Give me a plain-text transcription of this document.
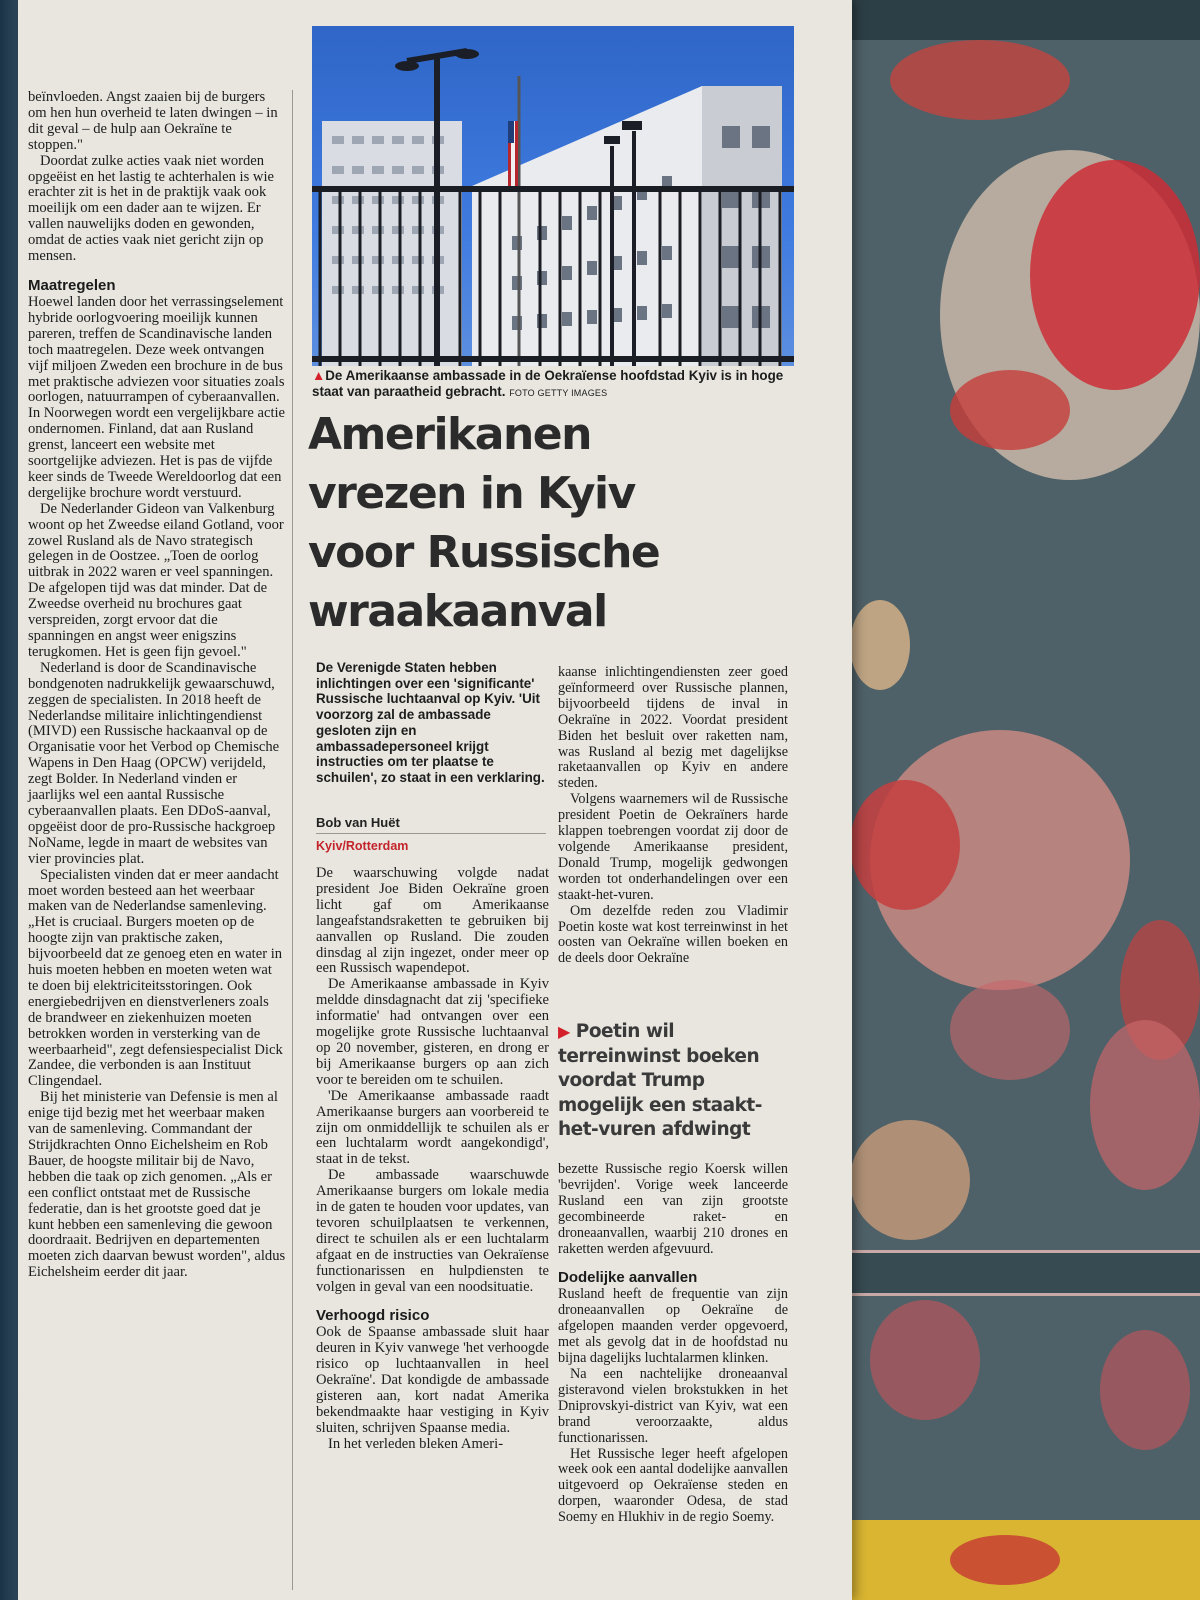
beïnvloeden. Angst zaaien bij de burgers om hen hun overheid te laten dwingen – in dit geval – de hulp aan Oekraïne te stoppen."

Doordat zulke acties vaak niet worden opgeëist en het lastig te achterhalen is wie erachter zit is het in de praktijk vaak ook moeilijk om een dader aan te wijzen. Er vallen nauwelijks doden en gewonden, omdat de acties vaak niet gericht zijn op mensen.

Maatregelen

Hoewel landen door het verrassingselement hybride oorlogvoering moeilijk kunnen pareren, treffen de Scandinavische landen toch maatregelen. Deze week ontvangen vijf miljoen Zweden een brochure in de bus met praktische adviezen voor situaties zoals oorlogen, natuurrampen of cyberaanvallen. In Noorwegen wordt een vergelijkbare actie ondernomen. Finland, dat aan Rusland grenst, lanceert een website met soortgelijke adviezen. Het is pas de vijfde keer sinds de Tweede Wereldoorlog dat een dergelijke brochure wordt verstuurd.

De Nederlander Gideon van Valkenburg woont op het Zweedse eiland Gotland, voor zowel Rusland als de Navo strategisch gelegen in de Oostzee. „Toen de oorlog uitbrak in 2022 waren er veel spanningen. De afgelopen tijd was dat minder. Dat de Zweedse overheid nu brochures gaat verspreiden, zorgt ervoor dat die spanningen en angst weer enigszins terugkomen. Het is geen fijn gevoel."

Nederland is door de Scandinavische bondgenoten nadrukkelijk gewaarschuwd, zeggen de specialisten. In 2018 heeft de Nederlandse militaire inlichtingendienst (MIVD) een Russische hackaanval op de Organisatie voor het Verbod op Chemische Wapens in Den Haag (OPCW) verijdeld, zegt Bolder. In Nederland vinden er jaarlijks wel een aantal Russische cyberaanvallen plaats. Een DDoS-aanval, opgeëist door de pro-Russische hackgroep NoName, legde in maart de websites van vier provincies plat.

Specialisten vinden dat er meer aandacht moet worden besteed aan het weerbaar maken van de Nederlandse samenleving. „Het is cruciaal. Burgers moeten op de hoogte zijn van praktische zaken, bijvoorbeeld dat ze genoeg eten en water in huis moeten hebben en moeten weten wat te doen bij elektriciteitsstoringen. Ook energiebedrijven en dienstverleners zoals de brandweer en ziekenhuizen moeten betrokken worden in versterking van de weerbaarheid", zegt defensiespecialist Dick Zandee, die verbonden is aan Instituut Clingendael.

Bij het ministerie van Defensie is men al enige tijd bezig met het weerbaar maken van de samenleving. Commandant der Strijdkrachten Onno Eichelsheim en Rob Bauer, de hoogste militair bij de Navo, hebben die taak op zich genomen. „Als er een conflict ontstaat met de Russische federatie, dan is het grootste goed dat je kunt hebben een samenleving die gewoon doordraait. Bedrijven en departementen moeten zich daarvan bewust worden", aldus Eichelsheim eerder dit jaar.

▲De Amerikaanse ambassade in de Oekraïense hoofdstad Kyiv is in hoge staat van paraatheid gebracht. FOTO GETTY IMAGES
Amerikanen
vrezen in Kyiv
voor Russische
wraakaanval

De Verenigde Staten hebben inlichtingen over een 'significante' Russische luchtaanval op Kyiv. 'Uit voorzorg zal de ambassade gesloten zijn en ambassadepersoneel krijgt instructies om ter plaatse te schuilen', zo staat in een verklaring.

Bob van Huët
Kyiv/Rotterdam

De waarschuwing volgde nadat president Joe Biden Oekraïne groen licht gaf om Amerikaanse langeafstandsraketten te gebruiken bij aanvallen op Rusland. Die zouden dinsdag al zijn ingezet, onder meer op een Russisch wapendepot.

De Amerikaanse ambassade in Kyiv meldde dinsdagnacht dat zij 'specifieke informatie' had ontvangen over een mogelijke grote Russische luchtaanval op 20 november, gisteren, en drong er bij Amerikaanse burgers op aan zich voor te bereiden om te schuilen.

'De Amerikaanse ambassade raadt Amerikaanse burgers aan voorbereid te zijn om onmiddellijk te schuilen als er een luchtalarm wordt aangekondigd', staat in de tekst.

De ambassade waarschuwde Amerikaanse burgers om lokale media in de gaten te houden voor updates, van tevoren schuilplaatsen te verkennen, direct te schuilen als er een luchtalarm afgaat en de instructies van Oekraïense functionarissen en hulpdiensten te volgen in geval van een noodsituatie.

Verhoogd risico

Ook de Spaanse ambassade sluit haar deuren in Kyiv vanwege 'het verhoogde risico op luchtaanvallen in heel Oekraïne'. Dat kondigde de ambassade gisteren aan, kort nadat Amerika bekendmaakte haar vestiging in Kyiv sluiten, schrijven Spaanse media.

In het verleden bleken Ameri-

kaanse inlichtingendiensten zeer goed geïnformeerd over Russische plannen, bijvoorbeeld tijdens de inval in Oekraïne in 2022. Voordat president Biden het besluit over raketten nam, was Rusland al bezig met dagelijkse raketaanvallen op Kyiv en andere steden.

Volgens waarnemers wil de Russische president Poetin de Oekraïners harde klappen toebrengen voordat zij door de volgende Amerikaanse president, Donald Trump, mogelijk gedwongen worden tot onderhandelingen over een staakt-het-vuren.

Om dezelfde reden zou Vladimir Poetin koste wat kost terreinwinst in het oosten van Oekraïne willen boeken en de deels door Oekraïne

▶ Poetin wil terreinwinst boeken voordat Trump mogelijk een staakt-het-vuren afdwingt

bezette Russische regio Koersk willen 'bevrijden'. Vorige week lanceerde Rusland een van zijn grootste gecombineerde raket- en droneaanvallen, waarbij 210 drones en raketten werden afgevuurd.

Dodelijke aanvallen

Rusland heeft de frequentie van zijn droneaanvallen op Oekraïne de afgelopen maanden verder opgevoerd, met als gevolg dat in de hoofdstad nu bijna dagelijks luchtalarmen klinken.

Na een nachtelijke droneaanval gisteravond vielen brokstukken in het Dniprovskyi-district van Kyiv, wat een brand veroorzaakte, aldus functionarissen.

Het Russische leger heeft afgelopen week ook een aantal dodelijke aanvallen uitgevoerd op Oekraïense steden en dorpen, waaronder Odesa, de stad Soemy en Hlukhiv in de regio Soemy.
